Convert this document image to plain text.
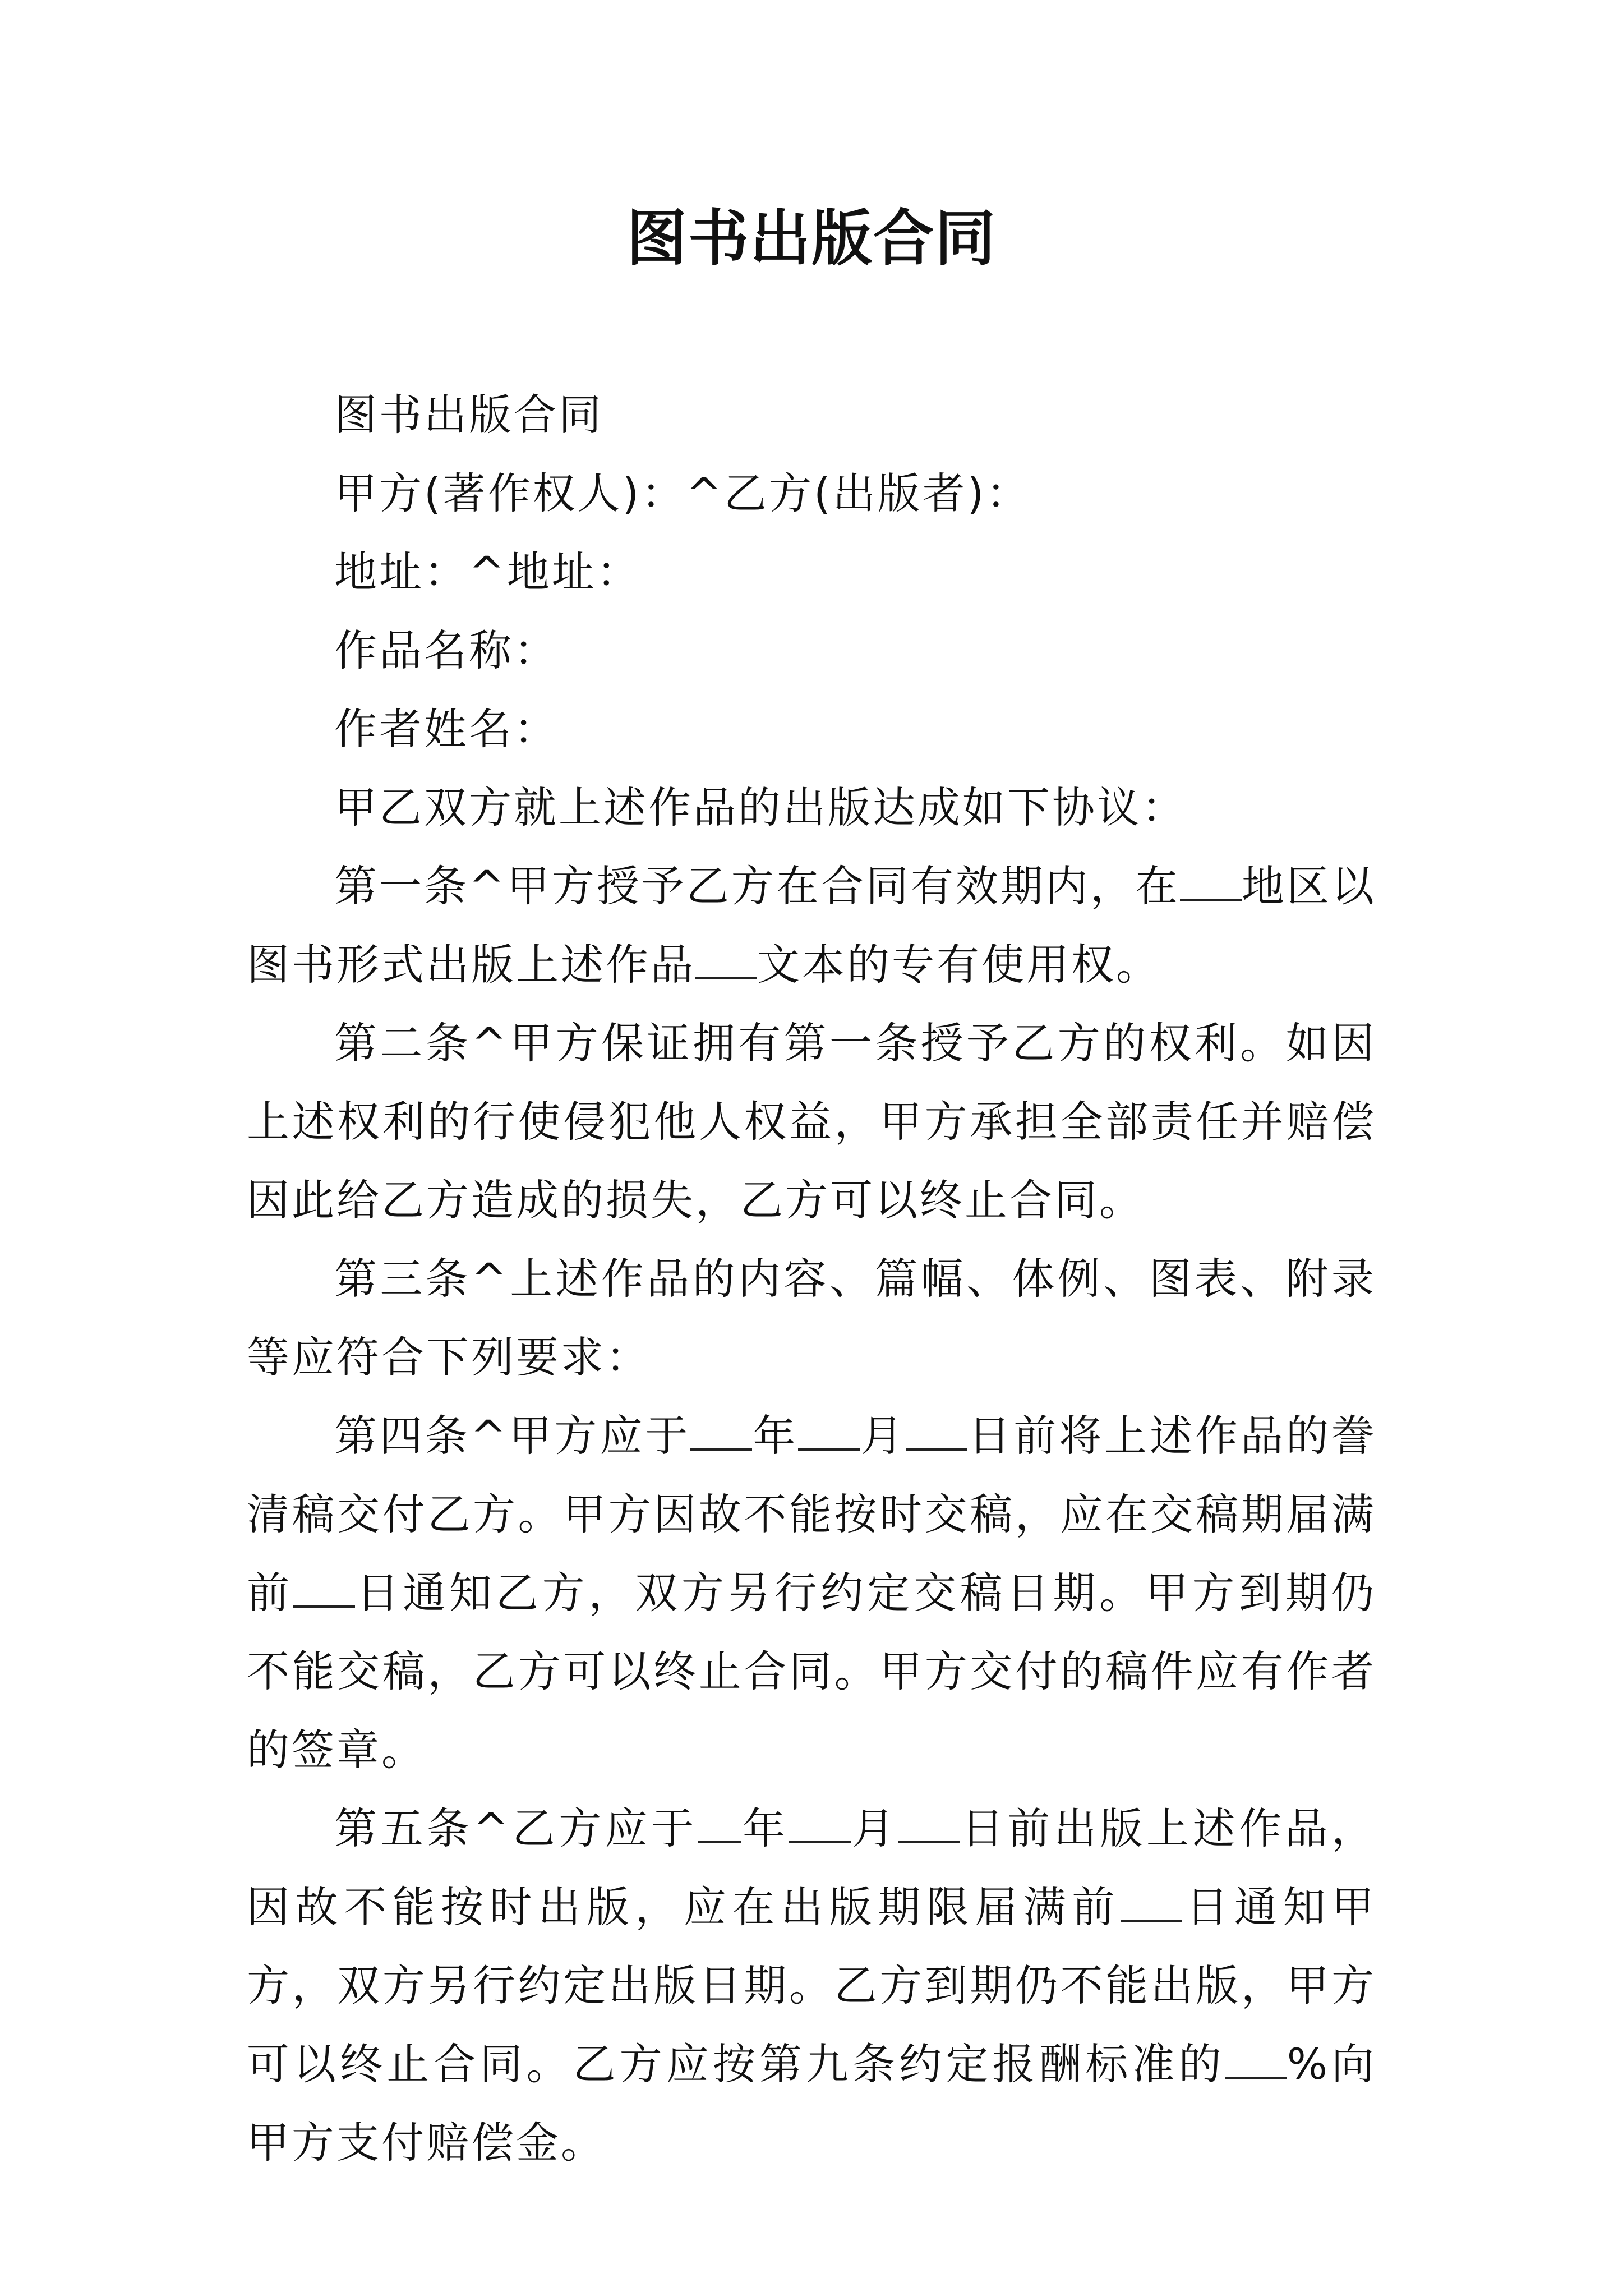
图书出版合同

图书出版合同

甲方(著作权人)：^乙方(出版者)：

地址：^地址：

作品名称：

作者姓名：

甲乙双方就上述作品的出版达成如下协议：

第一条^甲方授予乙方在合同有效期内，在 地区以图书形式出版上述作品 文本的专有使用权。

第二条^甲方保证拥有第一条授予乙方的权利。如因上述权利的行使侵犯他人权益，甲方承担全部责任并赔偿因此给乙方造成的损失，乙方可以终止合同。

第三条^上述作品的内容、篇幅、体例、图表、附录等应符合下列要求：

第四条^甲方应于 年 月 日前将上述作品的誊清稿交付乙方。甲方因故不能按时交稿，应在交稿期届满前 日通知乙方，双方另行约定交稿日期。甲方到期仍不能交稿，乙方可以终止合同。甲方交付的稿件应有作者的签章。

第五条^乙方应于 年 月 日前出版上述作品，因故不能按时出版，应在出版期限届满前 日通知甲方，双方另行约定出版日期。乙方到期仍不能出版，甲方可以终止合同。乙方应按第九条约定报酬标准的 %向甲方支付赔偿金。
